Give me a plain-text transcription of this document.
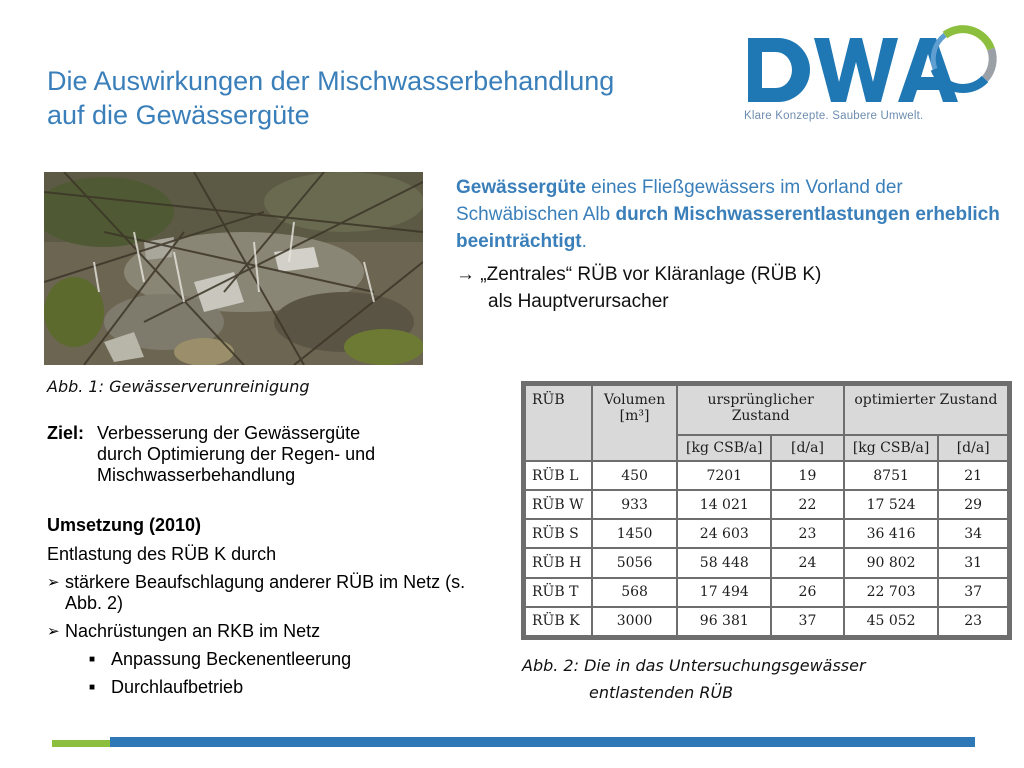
Die Auswirkungen der Mischwasserbehandlung
auf die Gewässergüte	Klare Konzepte. Saubere Umwelt.
Abb. 1: Gewässerverunreinigung
Gewässergüte eines Fließgewässers im Vorland der Schwäbischen Alb durch Mischwasserentlastungen erheblich beeinträchtigt.
→ „Zentrales“ RÜB vor Kläranlage (RÜB K)
als Hauptverursacher
Ziel: Verbesserung der Gewässergüte
durch Optimierung der Regen- und
Mischwasserbehandlung
Umsetzung (2010)
Entlastung des RÜB K durch
➢ stärkere Beaufschlagung anderer RÜB im Netz (s. Abb. 2)
➢ Nachrüstungen an RKB im Netz
■ Anpassung Beckenentleerung
■ Durchlaufbetrieb
RÜB	Volumen [m³]	ursprünglicher Zustand		optimierter Zustand	
		[kg CSB/a]	[d/a]	[kg CSB/a]	[d/a]
RÜB L	450	7201	19	8751	21
RÜB W	933	14 021	22	17 524	29
RÜB S	1450	24 603	23	36 416	34
RÜB H	5056	58 448	24	90 802	31
RÜB T	568	17 494	26	22 703	37
RÜB K	3000	96 381	37	45 052	23
Abb. 2: Die in das Untersuchungsgewässer
entlastenden RÜB
